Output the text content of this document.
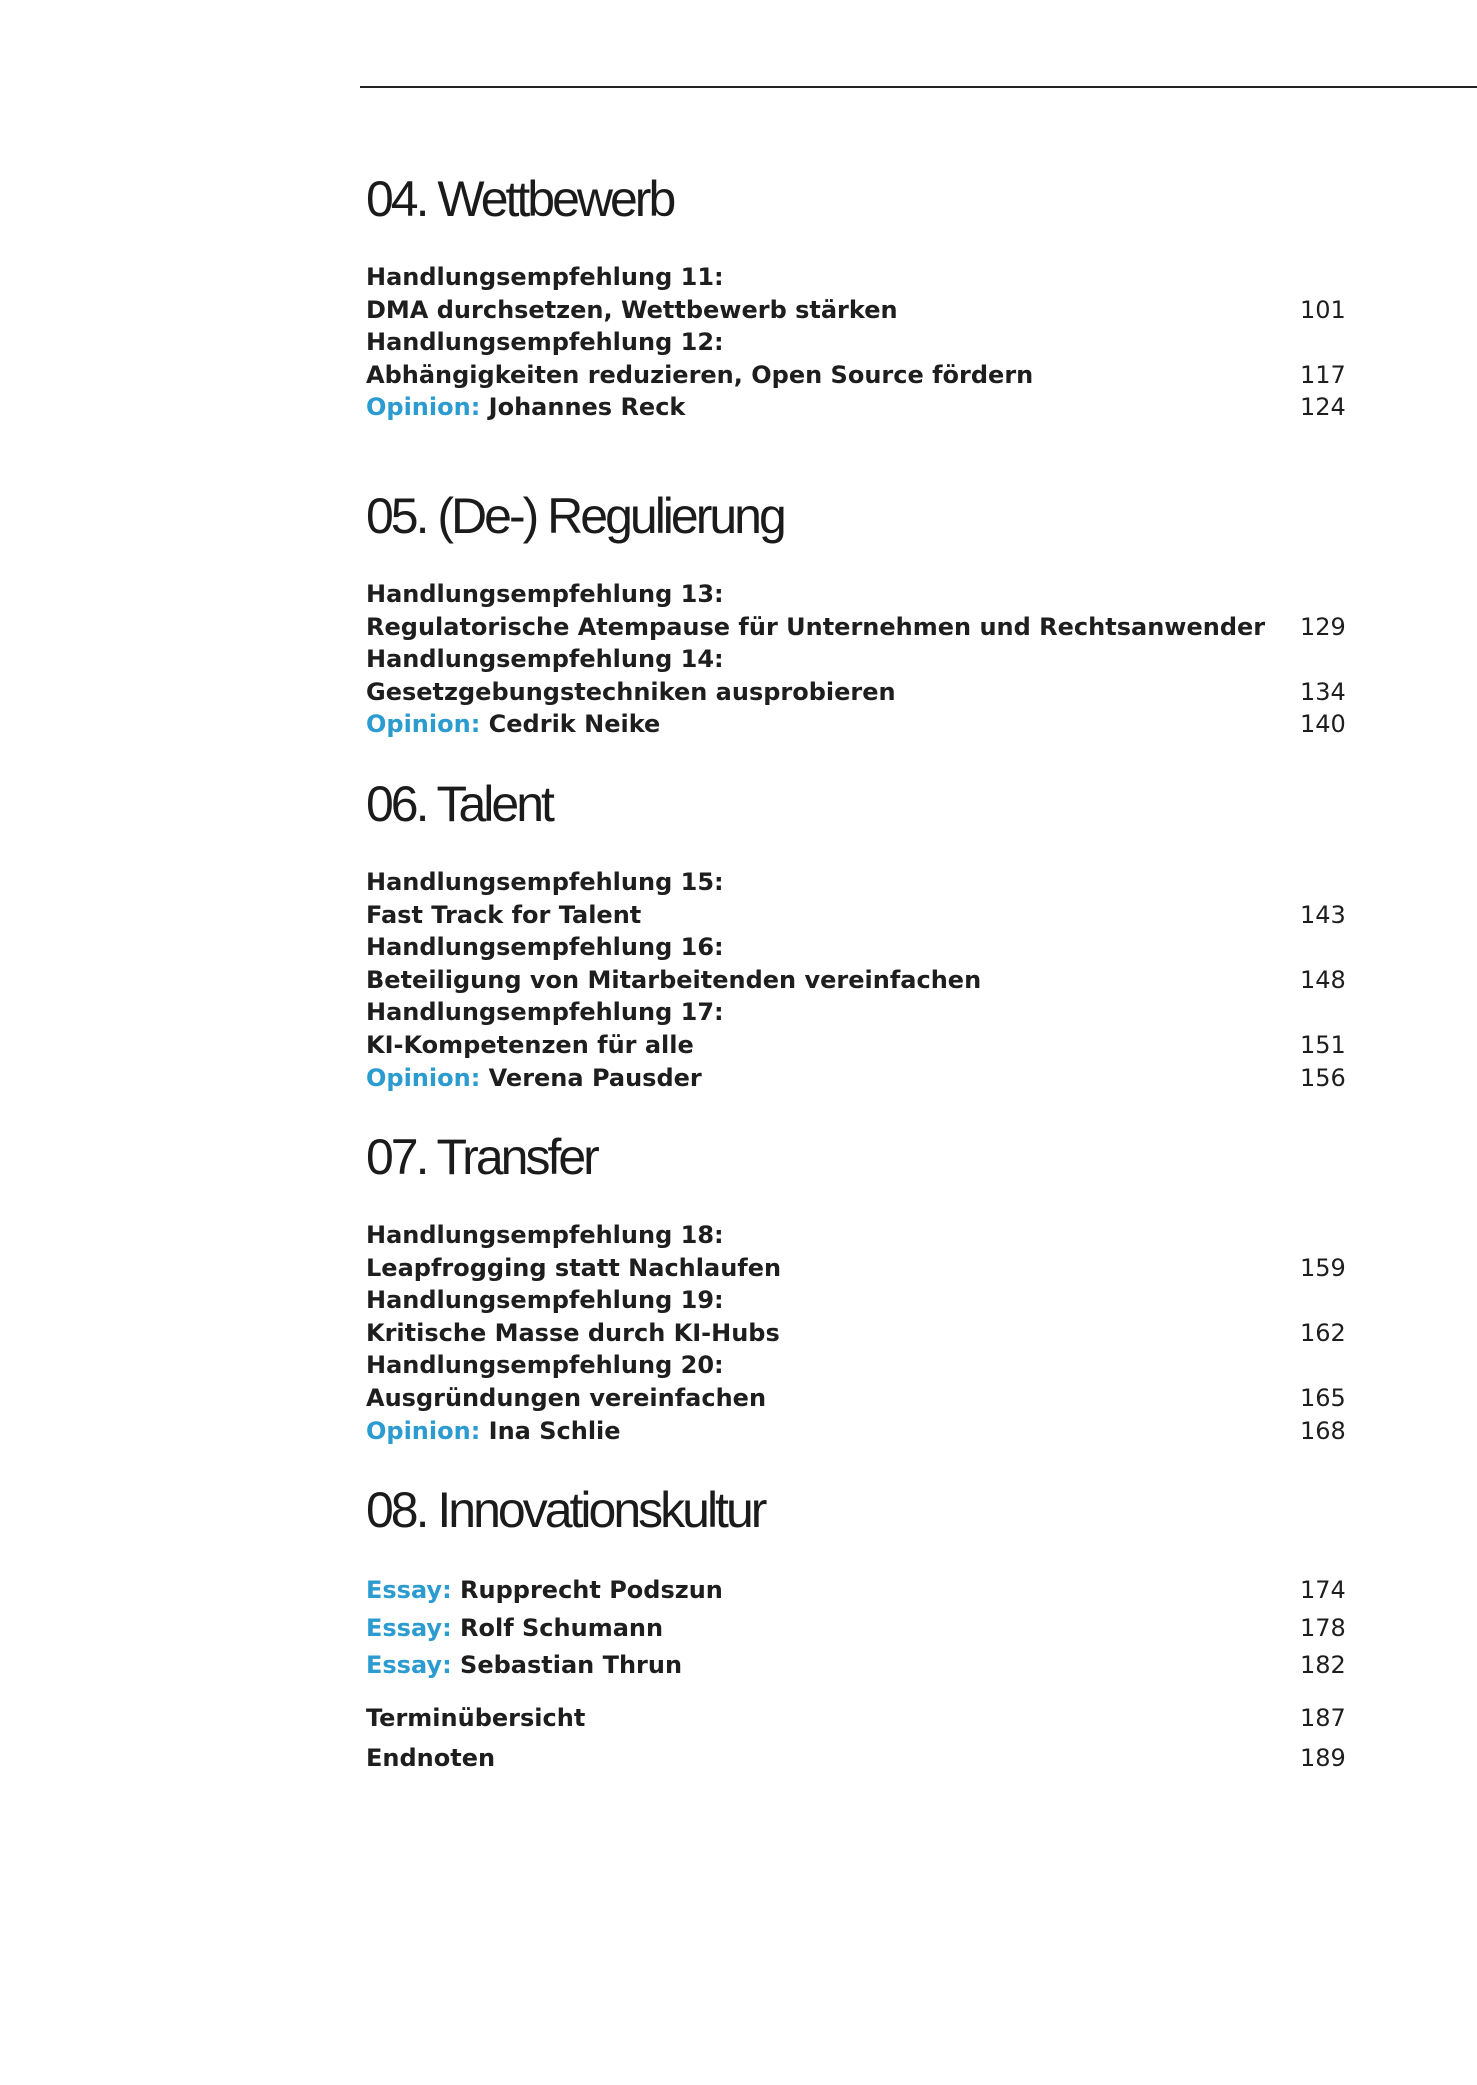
04. Wettbewerb
Handlungsempfehlung 11:
DMA durchsetzen, Wettbewerb stärken	101
Handlungsempfehlung 12:
Abhängigkeiten reduzieren, Open Source fördern	117
Opinion: Johannes Reck	124
05. (De-) Regulierung
Handlungsempfehlung 13:
Regulatorische Atempause für Unternehmen und Rechtsanwender 129
Handlungsempfehlung 14:
Gesetzgebungstechniken ausprobieren	134
Opinion: Cedrik Neike	140
06. Talent
Handlungsempfehlung 15:
Fast Track for Talent	143
Handlungsempfehlung 16:
Beteiligung von Mitarbeitenden vereinfachen	148
Handlungsempfehlung 17:
KI-Kompetenzen für alle	151
Opinion: Verena Pausder	156
07. Transfer
Handlungsempfehlung 18:
Leapfrogging statt Nachlaufen	159
Handlungsempfehlung 19:
Kritische Masse durch KI-Hubs	162
Handlungsempfehlung 20:
Ausgründungen vereinfachen	165
Opinion: Ina Schlie	168
08. Innovationskultur
Essay: Rupprecht Podszun	174
Essay: Rolf Schumann	178
Essay: Sebastian Thrun	182
Terminübersicht	187
Endnoten	189
